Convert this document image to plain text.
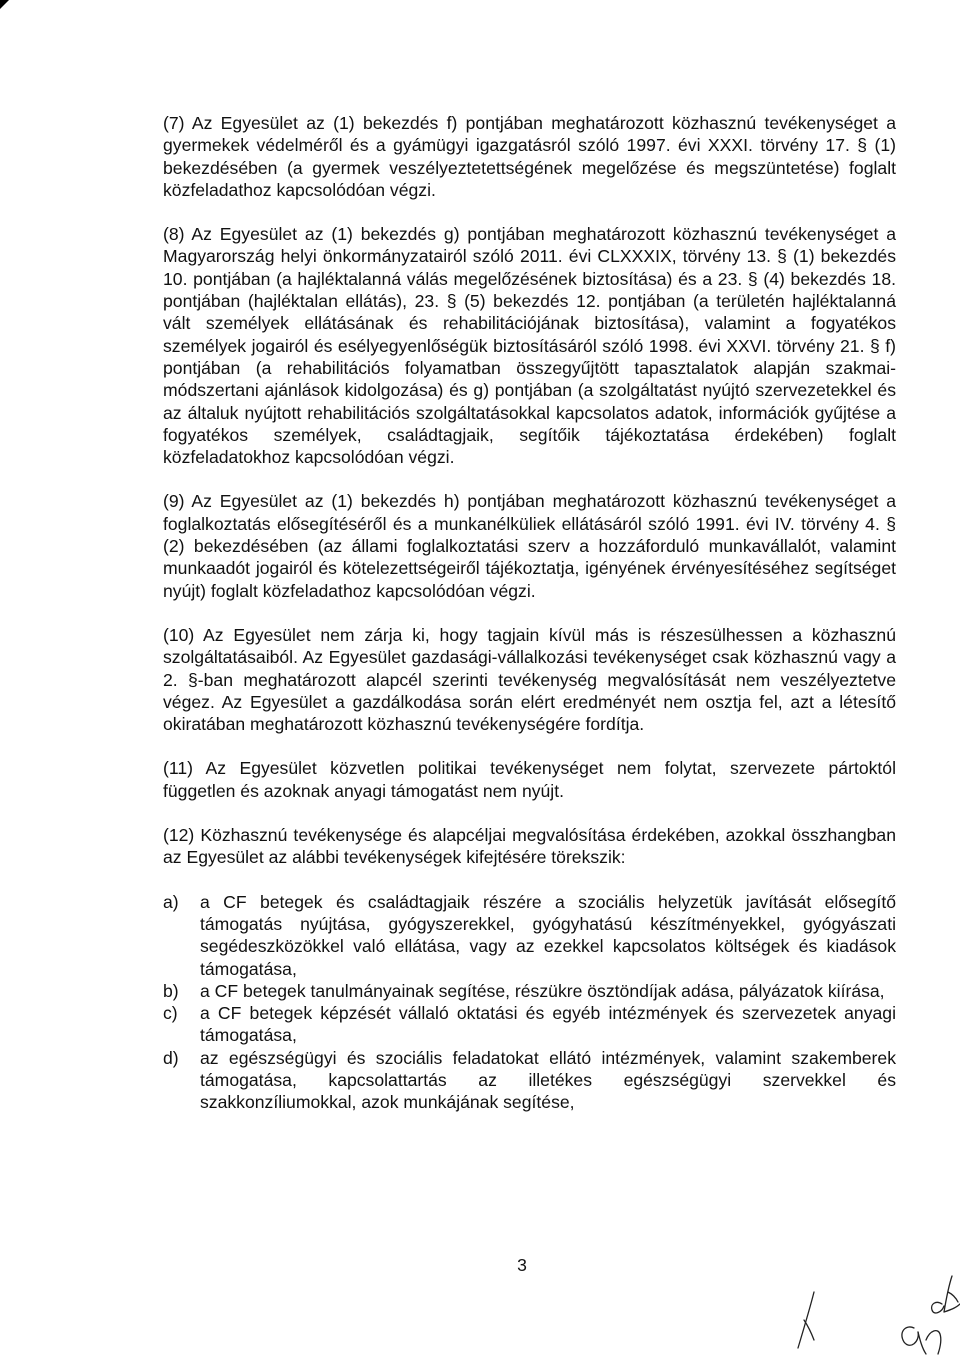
(7) Az Egyesület az (1) bekezdés f) pontjában meghatározott közhasznú tevékenységet a gyermekek védelméről és a gyámügyi igazgatásról szóló 1997. évi XXXI. törvény 17. § (1) bekezdésében (a gyermek veszélyeztetettségének megelőzése és megszüntetése) foglalt közfeladathoz kapcsolódóan végzi.

(8) Az Egyesület az (1) bekezdés g) pontjában meghatározott közhasznú tevékenységet a Magyarország helyi önkormányzatairól szóló 2011. évi CLXXXIX, törvény 13. § (1) bekezdés 10. pontjában (a hajléktalanná válás megelőzésének biztosítása) és a 23. § (4) bekezdés 18. pontjában (hajléktalan ellátás), 23. § (5) bekezdés 12. pontjában (a területén hajléktalanná vált személyek ellátásának és rehabilitációjának biztosítása), valamint a fogyatékos személyek jogairól és esélyegyenlőségük biztosításáról szóló 1998. évi XXVI. törvény 21. § f) pontjában (a rehabilitációs folyamatban összegyűjtött tapasztalatok alapján szakmai-módszertani ajánlások kidolgozása) és g) pontjában (a szolgáltatást nyújtó szervezetekkel és az általuk nyújtott rehabilitációs szolgáltatásokkal kapcsolatos adatok, információk gyűjtése a fogyatékos személyek, családtagjaik, segítőik tájékoztatása érdekében) foglalt közfeladatokhoz kapcsolódóan végzi.

(9) Az Egyesület az (1) bekezdés h) pontjában meghatározott közhasznú tevékenységet a foglalkoztatás elősegítéséről és a munkanélküliek ellátásáról szóló 1991. évi IV. törvény 4. § (2) bekezdésében (az állami foglalkoztatási szerv a hozzáforduló munkavállalót, valamint munkaadót jogairól és kötelezettségeiről tájékoztatja, igényének érvényesítéséhez segítséget nyújt) foglalt közfeladathoz kapcsolódóan végzi.

(10) Az Egyesület nem zárja ki, hogy tagjain kívül más is részesülhessen a közhasznú szolgáltatásaiból. Az Egyesület gazdasági-vállalkozási tevékenységet csak közhasznú vagy a 2. §-ban meghatározott alapcél szerinti tevékenység megvalósítását nem veszélyeztetve végez. Az Egyesület a gazdálkodása során elért eredményét nem osztja fel, azt a létesítő okiratában meghatározott közhasznú tevékenységére fordítja.

(11) Az Egyesület közvetlen politikai tevékenységet nem folytat, szervezete pártoktól független és azoknak anyagi támogatást nem nyújt.

(12) Közhasznú tevékenysége és alapcéljai megvalósítása érdekében, azokkal összhangban az Egyesület az alábbi tevékenységek kifejtésére törekszik:

a)	a CF betegek és családtagjaik részére a szociális helyzetük javítását elősegítő támogatás nyújtása, gyógyszerekkel, gyógyhatású készítményekkel, gyógyászati segédeszközökkel való ellátása, vagy az ezekkel kapcsolatos költségek és kiadások támogatása,
b)	a CF betegek tanulmányainak segítése, részükre ösztöndíjak adása, pályázatok kiírása,
c)	a CF betegek képzését vállaló oktatási és egyéb intézmények és szervezetek anyagi támogatása,
d)	az egészségügyi és szociális feladatokat ellátó intézmények, valamint szakemberek támogatása, kapcsolattartás az illetékes egészségügyi szervekkel és szakkonzíliumokkal, azok munkájának segítése,
3
